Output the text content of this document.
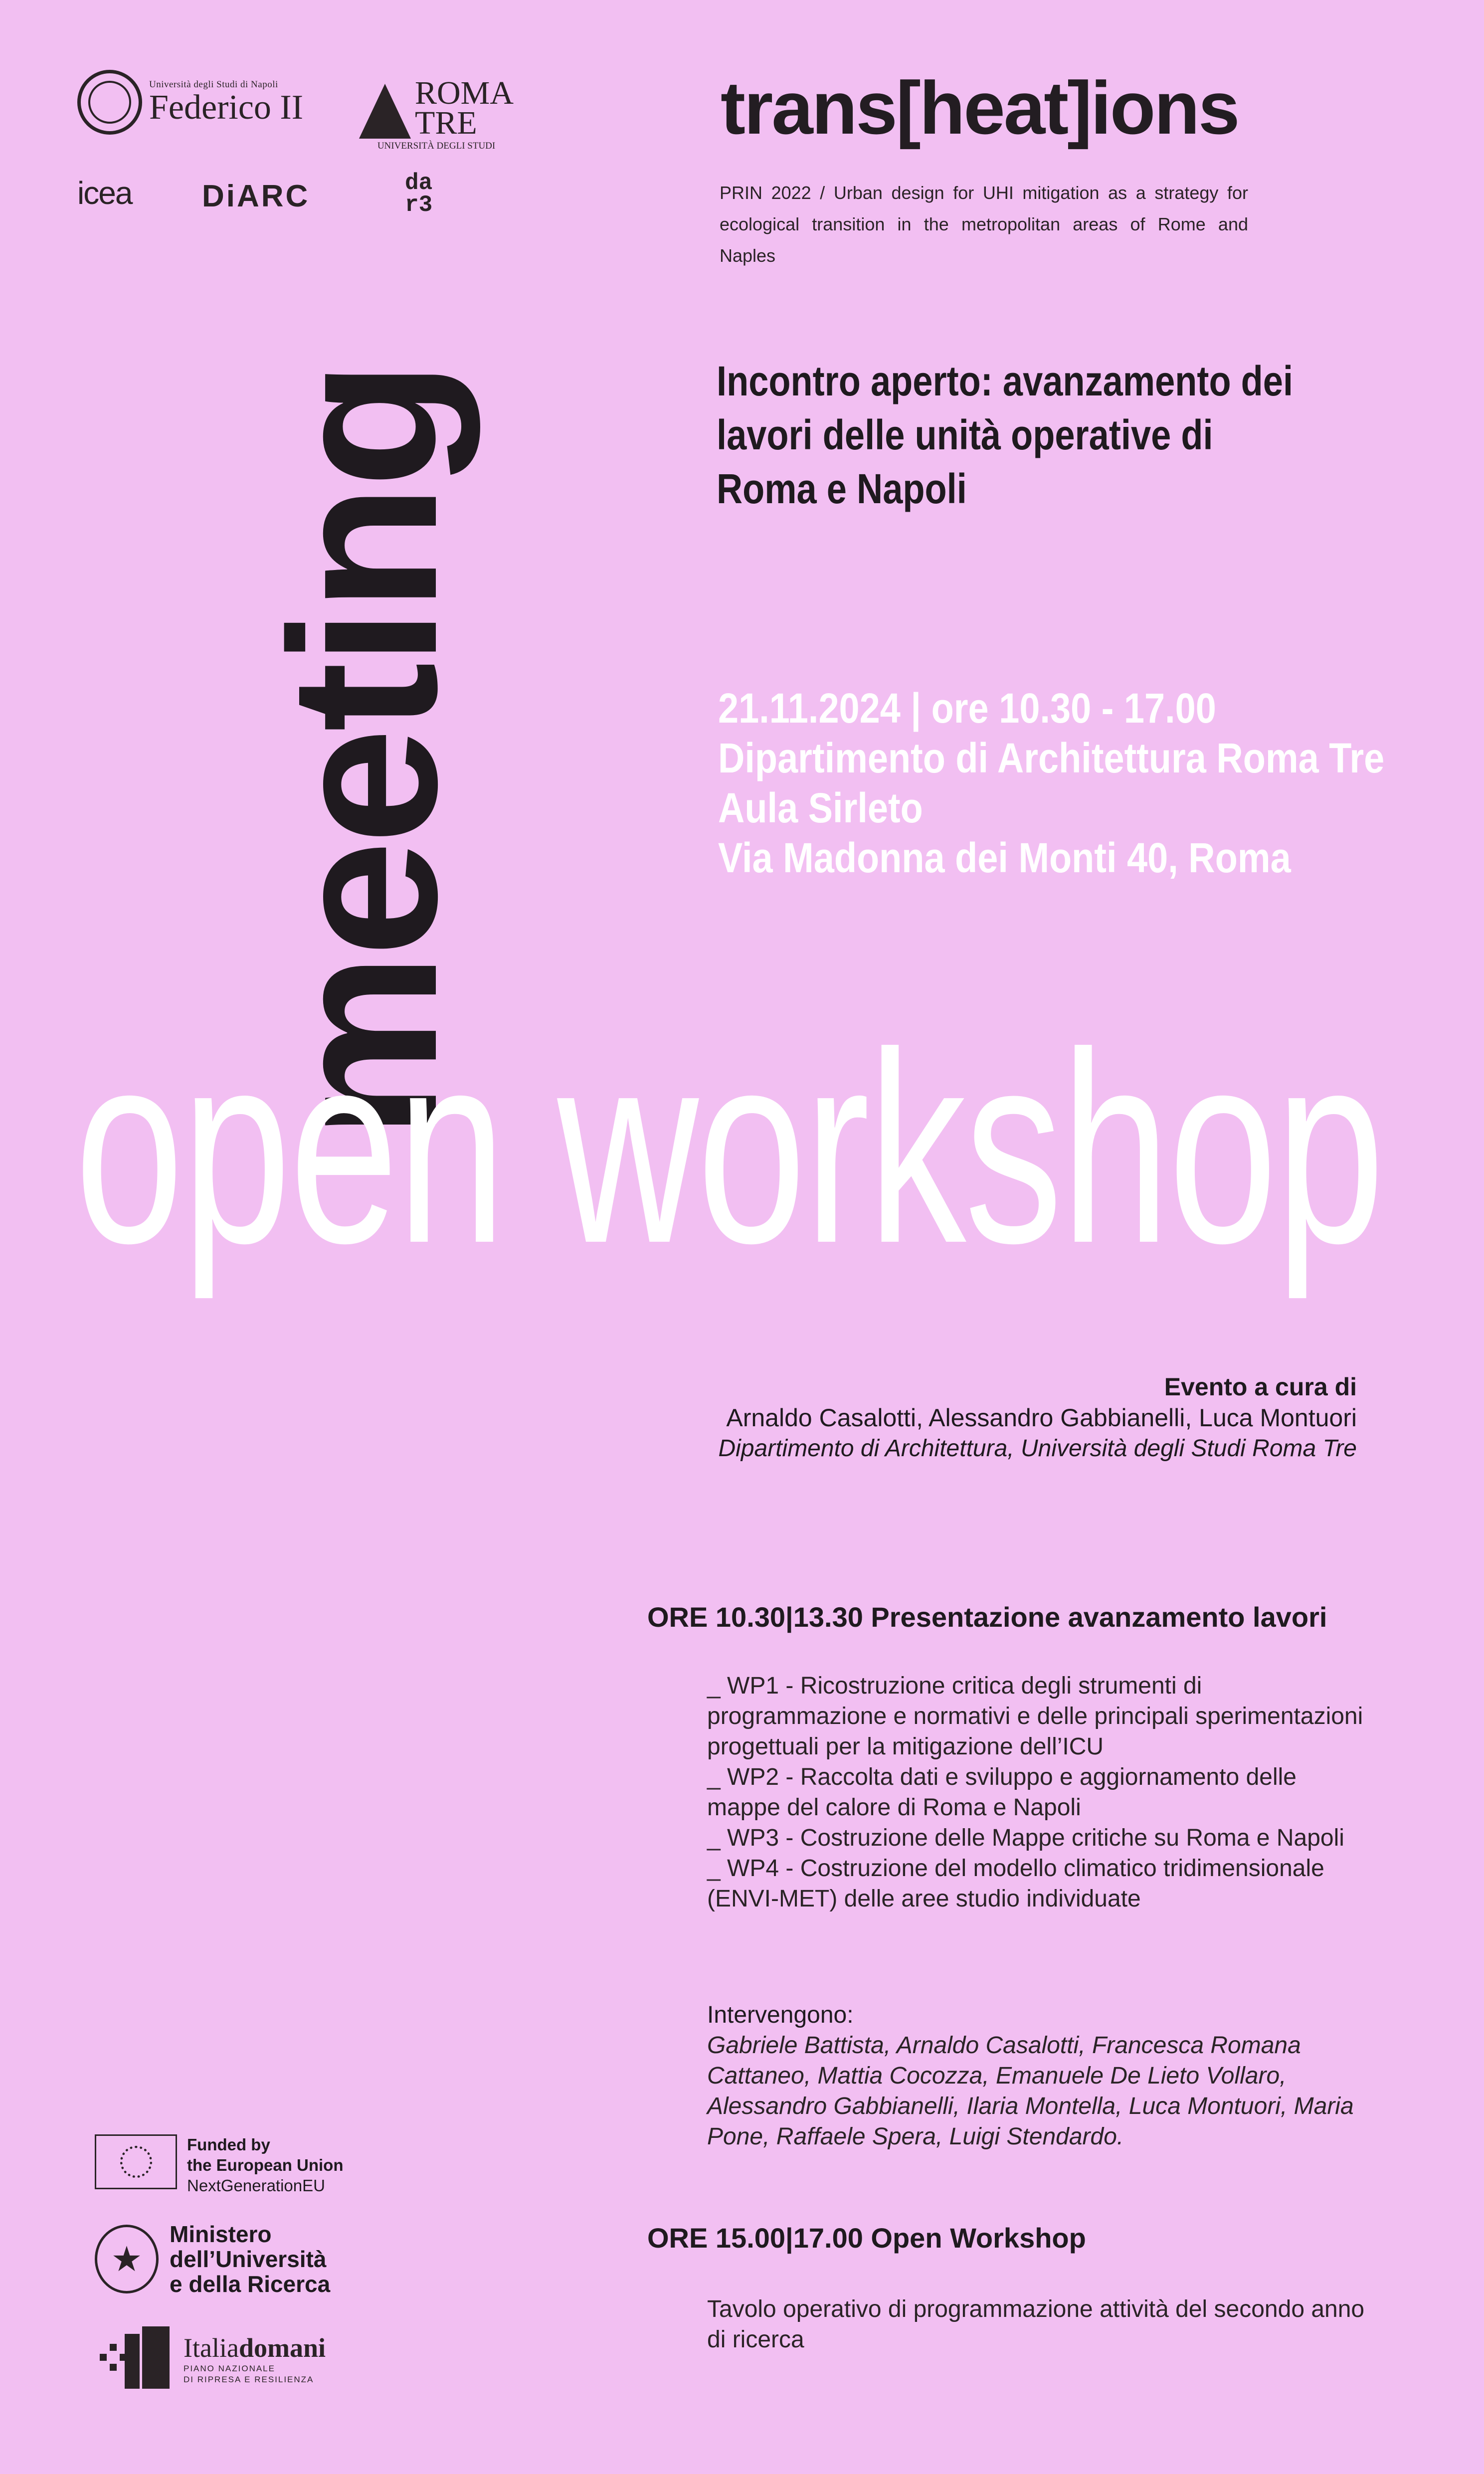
Università degli Studi di Napoli
Federico II	ROMA
TRE
UNIVERSITÀ DEGLI STUDI
icea DiARC	da
r3
trans[heat]ions
PRIN 2022 / Urban design for UHI mitigation as a strategy for ecological transition in the metropolitan areas of Rome and Naples
Incontro aperto: avanzamento dei lavori delle unità operative di Roma e Napoli
21.11.2024 | ore 10.30 - 17.00
Dipartimento di Architettura Roma Tre
Aula Sirleto
Via Madonna dei Monti 40, Roma
meeting
open workshop
Evento a cura di
Arnaldo Casalotti, Alessandro Gabbianelli, Luca Montuori
Dipartimento di Architettura, Università degli Studi Roma Tre
ORE 10.30|13.30 Presentazione avanzamento lavori
_ WP1 - Ricostruzione critica degli strumenti di programmazione e normativi e delle principali sperimentazioni progettuali per la mitigazione dell’ICU
_ WP2 - Raccolta dati e sviluppo e aggiornamento delle mappe del calore di Roma e Napoli
_ WP3 - Costruzione delle Mappe critiche su Roma e Napoli
_ WP4 - Costruzione del modello climatico tridimensionale (ENVI-MET) delle aree studio individuate
Intervengono:
Gabriele Battista, Arnaldo Casalotti, Francesca Romana Cattaneo, Mattia Cocozza, Emanuele De Lieto Vollaro, Alessandro Gabbianelli, Ilaria Montella, Luca Montuori, Maria Pone, Raffaele Spera, Luigi Stendardo.
ORE 15.00|17.00 Open Workshop
Tavolo operativo di programmazione attività del secondo anno di ricerca
Funded by
the European Union
NextGenerationEU
★
Ministero
dell’Università
e della Ricerca
Italiadomani
PIANO NAZIONALE
DI RIPRESA E RESILIENZA
